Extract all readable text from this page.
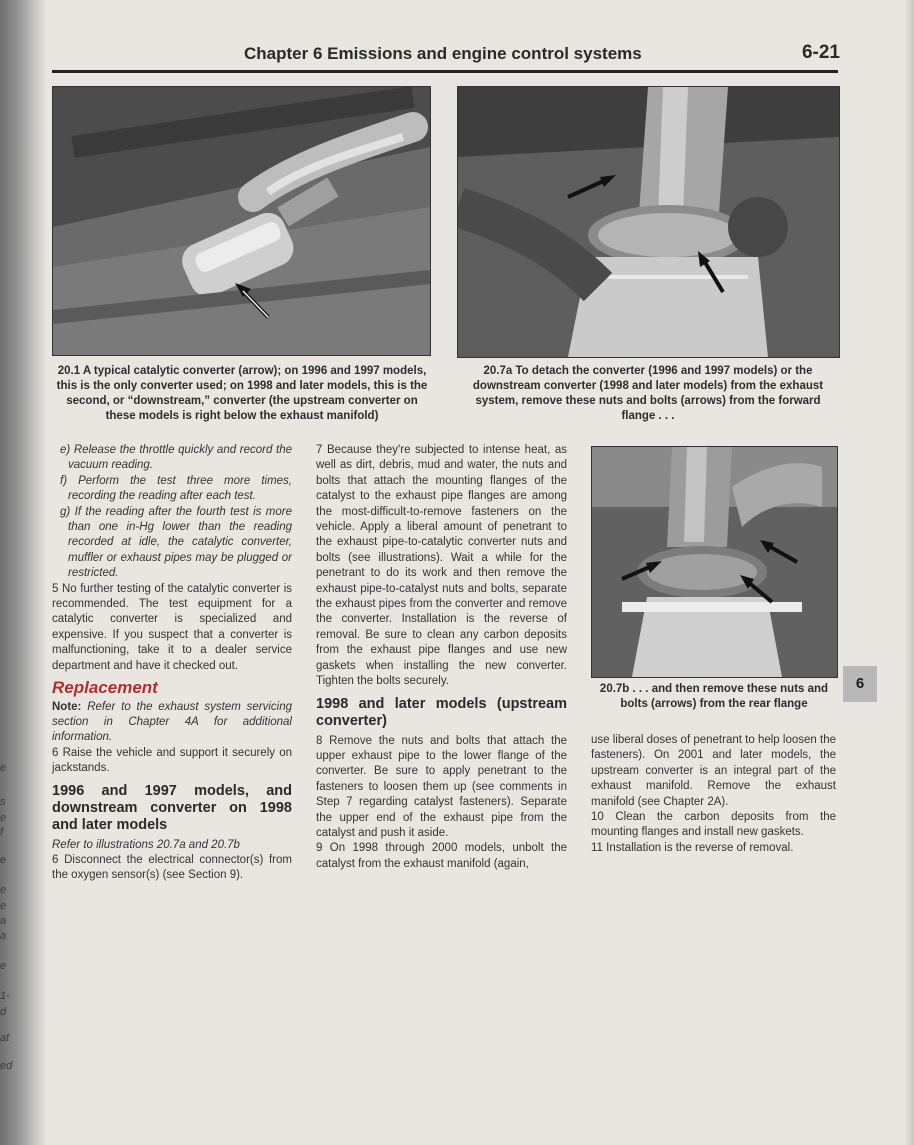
e
s
e
f
e
e
e
a
a
e
1-
d
at
ed
Chapter 6 Emissions and engine control systems	6-21
20.1 A typical catalytic converter (arrow); on 1996 and 1997 models, this is the only converter used; on 1998 and later models, this is the second, or “downstream,” converter (the upstream converter on these models is right below the exhaust manifold)
20.7a To detach the converter (1996 and 1997 models) or the downstream converter (1998 and later models) from the exhaust system, remove these nuts and bolts (arrows) from the forward flange . . .
20.7b . . . and then remove these nuts and bolts (arrows) from the rear flange

e) Release the throttle quickly and record the vacuum reading.

f) Perform the test three more times, recording the reading after each test.

g) If the reading after the fourth test is more than one in-Hg lower than the reading recorded at idle, the catalytic converter, muffler or exhaust pipes may be plugged or restricted.

5 No further testing of the catalytic converter is recommended. The test equipment for a catalytic converter is specialized and expensive. If you suspect that a converter is malfunctioning, take it to a dealer service department and have it checked out.

Replacement

Note: Refer to the exhaust system servicing section in Chapter 4A for additional information.

6 Raise the vehicle and support it securely on jackstands.

1996 and 1997 models, and downstream converter on 1998 and later models

Refer to illustrations 20.7a and 20.7b

6 Disconnect the electrical connector(s) from the oxygen sensor(s) (see Section 9).

7 Because they're subjected to intense heat, as well as dirt, debris, mud and water, the nuts and bolts that attach the mounting flanges of the catalyst to the exhaust pipe flanges are among the most-difficult-to-remove fasteners on the vehicle. Apply a liberal amount of penetrant to the exhaust pipe-to-catalytic converter nuts and bolts (see illustrations). Wait a while for the penetrant to do its work and then remove the exhaust pipe-to-catalyst nuts and bolts, separate the exhaust pipes from the converter and remove the converter. Installation is the reverse of removal. Be sure to clean any carbon deposits from the exhaust pipe flanges and use new gaskets when installing the new converter. Tighten the bolts securely.

1998 and later models (upstream converter)

8 Remove the nuts and bolts that attach the upper exhaust pipe to the lower flange of the converter. Be sure to apply penetrant to the fasteners to loosen them up (see comments in Step 7 regarding catalyst fasteners). Separate the upper end of the exhaust pipe from the catalyst and push it aside.

9 On 1998 through 2000 models, unbolt the catalyst from the exhaust manifold (again,

use liberal doses of penetrant to help loosen the fasteners). On 2001 and later models, the upstream converter is an integral part of the exhaust manifold. Remove the exhaust manifold (see Chapter 2A).

10 Clean the carbon deposits from the mounting flanges and install new gaskets.

11 Installation is the reverse of removal.

6
